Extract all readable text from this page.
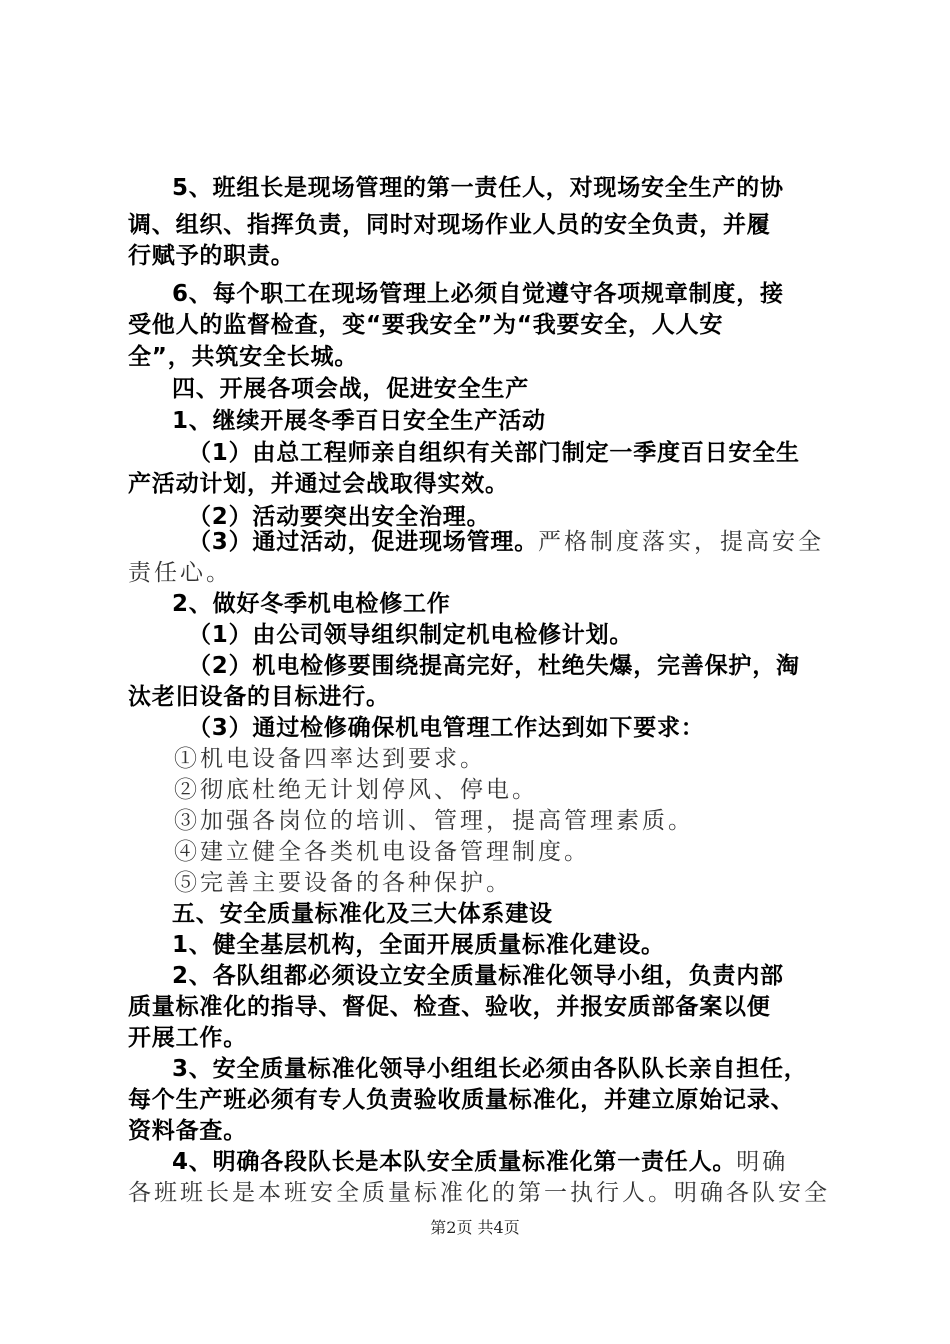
5、班组长是现场管理的第一责任人，对现场安全生产的协
调、组织、指挥负责，同时对现场作业人员的安全负责，并履
行赋予的职责。
6、每个职工在现场管理上必须自觉遵守各项规章制度，接
受他人的监督检查，变“要我安全”为“我要安全，人人安
全”，共筑安全长城。
四、开展各项会战，促进安全生产
1、继续开展冬季百日安全生产活动
（1）由总工程师亲自组织有关部门制定一季度百日安全生
产活动计划，并通过会战取得实效。
（2）活动要突出安全治理。
（3）通过活动，促进现场管理。严格制度落实，提高安全
责任心。
2、做好冬季机电检修工作
（1）由公司领导组织制定机电检修计划。
（2）机电检修要围绕提高完好，杜绝失爆，完善保护，淘
汰老旧设备的目标进行。
（3）通过检修确保机电管理工作达到如下要求：
①机电设备四率达到要求。
②彻底杜绝无计划停风、停电。
③加强各岗位的培训、管理，提高管理素质。
④建立健全各类机电设备管理制度。
⑤完善主要设备的各种保护。
五、安全质量标准化及三大体系建设
1、健全基层机构，全面开展质量标准化建设。
2、各队组都必须设立安全质量标准化领导小组，负责内部
质量标准化的指导、督促、检查、验收，并报安质部备案以便
开展工作。
3、安全质量标准化领导小组组长必须由各队队长亲自担任，
每个生产班必须有专人负责验收质量标准化，并建立原始记录、
资料备查。
4、明确各段队长是本队安全质量标准化第一责任人。明确
各班班长是本班安全质量标准化的第一执行人。明确各队安全
第2页 共4页
